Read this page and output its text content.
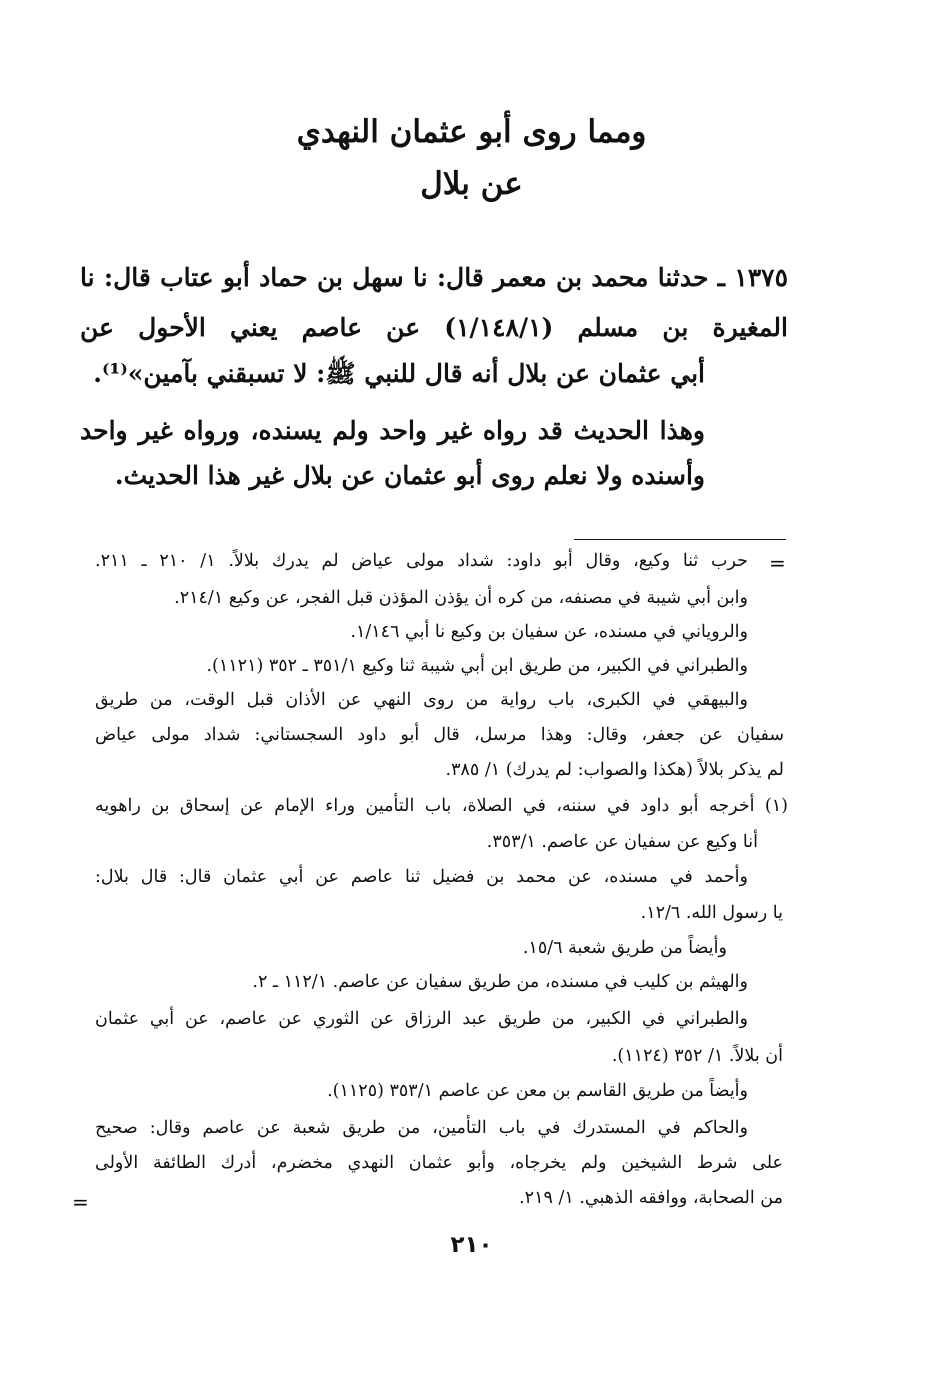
ومما روى أبو عثمان النهدي
عن بلال
١٣٧٥ ـ حدثنا محمد بن معمر قال: نا سهل بن حماد أبو عتاب قال: نا
المغيرة بن مسلم (١/١٤٨/١) عن عاصم يعني الأحول عن
أبي عثمان عن بلال أنه قال للنبي ﷺ: لا تسبقني بآمين»⁽¹⁾.
وهذا الحديث قد رواه غير واحد ولم يسنده، ورواه غير واحد
وأسنده ولا نعلم روى أبو عثمان عن بلال غير هذا الحديث.
=
حرب ثنا وكيع، وقال أبو داود: شداد مولى عياض لم يدرك بلالاً. ١/ ٢١٠ ـ ٢١١.
وابن أبي شيبة في مصنفه، من كره أن يؤذن المؤذن قبل الفجر، عن وكيع ٢١٤/١.
والروياني في مسنده، عن سفيان بن وكيع نا أبي ١/١٤٦.
والطبراني في الكبير، من طريق ابن أبي شيبة ثنا وكيع ٣٥١/١ ـ ٣٥٢ (١١٢١).
والبيهقي في الكبرى، باب رواية من روى النهي عن الأذان قبل الوقت، من طريق
سفيان عن جعفر، وقال: وهذا مرسل، قال أبو داود السجستاني: شداد مولى عياض
لم يذكر بلالاً (هكذا والصواب: لم يدرك) ١/ ٣٨٥.
(١) أخرجه أبو داود في سننه، في الصلاة، باب التأمين وراء الإمام عن إسحاق بن راهويه
أنا وكيع عن سفيان عن عاصم. ٣٥٣/١.
وأحمد في مسنده، عن محمد بن فضيل ثنا عاصم عن أبي عثمان قال: قال بلال:
يا رسول الله. ١٢/٦.
وأيضاً من طريق شعبة ١٥/٦.
والهيثم بن كليب في مسنده، من طريق سفيان عن عاصم. ١١٢/١ ـ ٢.
والطبراني في الكبير، من طريق عبد الرزاق عن الثوري عن عاصم، عن أبي عثمان
أن بلالاً. ١/ ٣٥٢ (١١٢٤).
وأيضاً من طريق القاسم بن معن عن عاصم ٣٥٣/١ (١١٢٥).
والحاكم في المستدرك في باب التأمين، من طريق شعبة عن عاصم وقال: صحيح
على شرط الشيخين ولم يخرجاه، وأبو عثمان النهدي مخضرم، أدرك الطائفة الأولى
من الصحابة، ووافقه الذهبي. ١/ ٢١٩.
=
٢١٠
